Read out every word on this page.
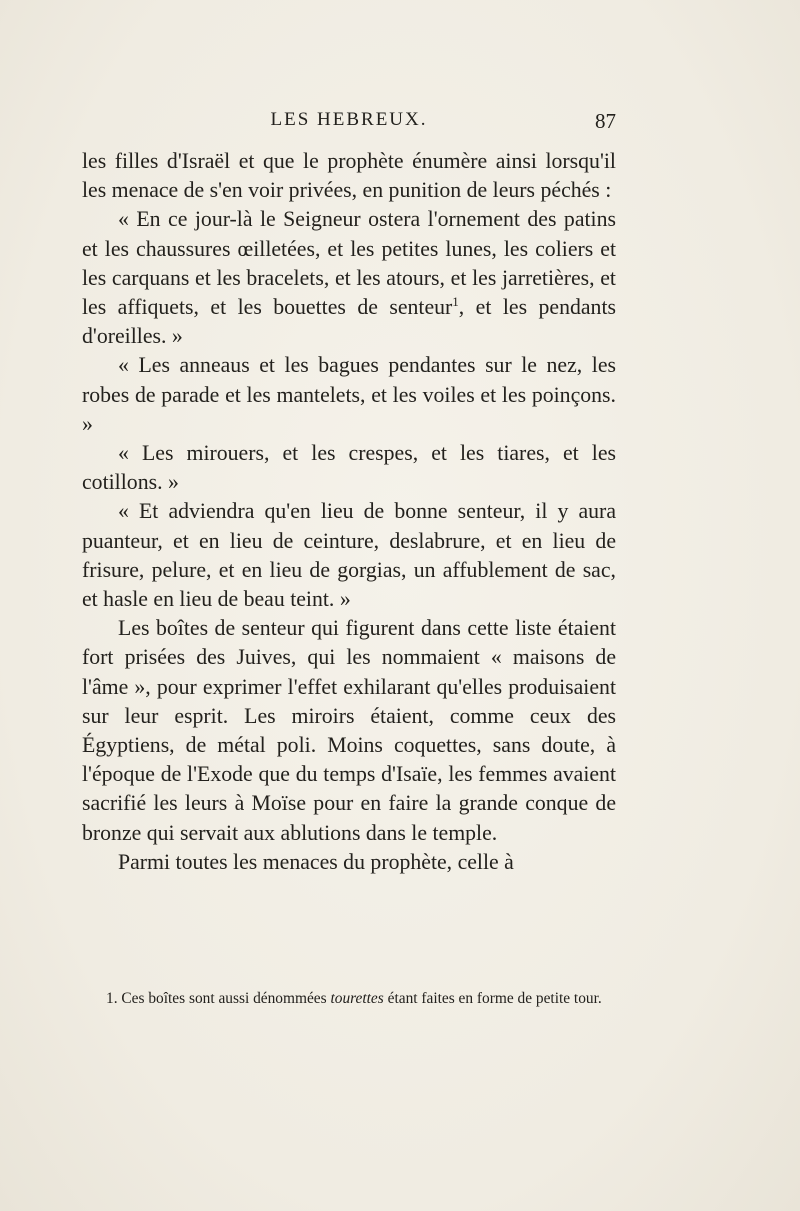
LES HEBREUX.	87

les filles d'Israël et que le prophète énumère ainsi lorsqu'il les menace de s'en voir privées, en punition de leurs péchés :

« En ce jour-là le Seigneur ostera l'ornement des patins et les chaussures œilletées, et les petites lunes, les coliers et les carquans et les bracelets, et les atours, et les jarretières, et les affiquets, et les bouettes de senteur$^1$, et les pendants d'oreilles. »

« Les anneaus et les bagues pendantes sur le nez, les robes de parade et les mantelets, et les voiles et les poinçons. »

« Les mirouers, et les crespes, et les tiares, et les cotillons. »

« Et adviendra qu'en lieu de bonne senteur, il y aura puanteur, et en lieu de ceinture, deslabrure, et en lieu de frisure, pelure, et en lieu de gorgias, un affublement de sac, et hasle en lieu de beau teint. »

Les boîtes de senteur qui figurent dans cette liste étaient fort prisées des Juives, qui les nommaient « maisons de l'âme », pour exprimer l'effet exhilarant qu'elles produisaient sur leur esprit. Les miroirs étaient, comme ceux des Égyptiens, de métal poli. Moins coquettes, sans doute, à l'époque de l'Exode que du temps d'Isaïe, les femmes avaient sacrifié les leurs à Moïse pour en faire la grande conque de bronze qui servait aux ablutions dans le temple.

Parmi toutes les menaces du prophète, celle à

1. Ces boîtes sont aussi dénommées tourettes étant faites en forme de petite tour.
